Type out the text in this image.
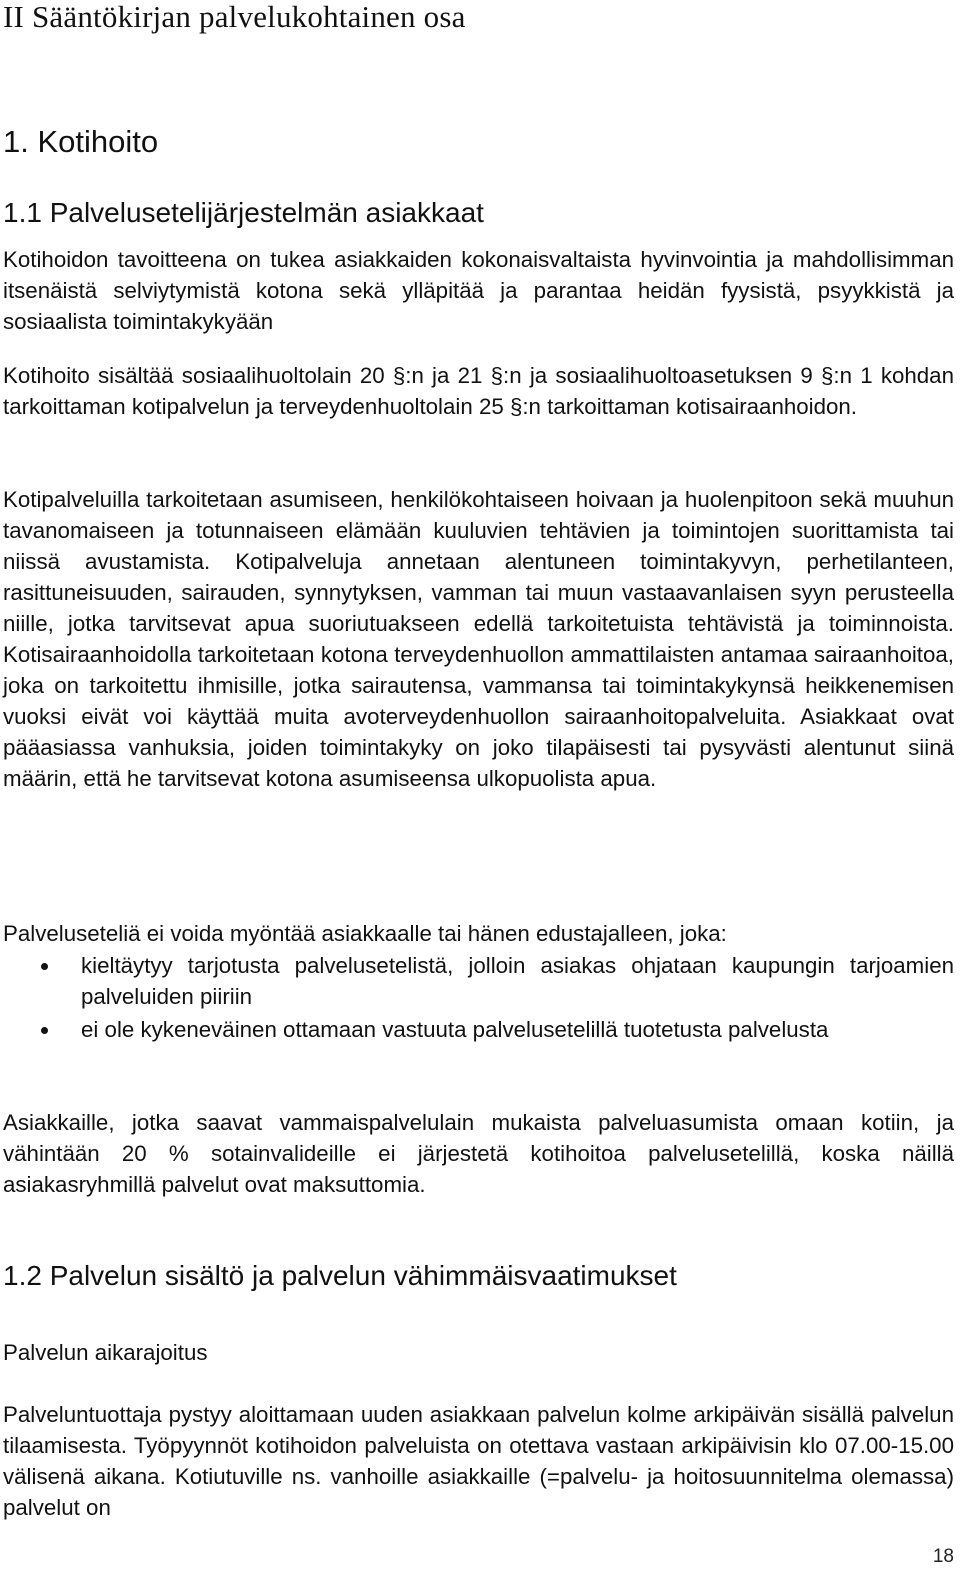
II Sääntökirjan palvelukohtainen osa
1. Kotihoito
1.1 Palvelusetelijärjestelmän asiakkaat

Kotihoidon tavoitteena on tukea asiakkaiden kokonaisvaltaista hyvinvointia ja mahdollisimman itsenäistä selviytymistä kotona sekä ylläpitää ja parantaa heidän fyysistä, psyykkistä ja sosiaalista toimintakykyään

Kotihoito sisältää sosiaalihuoltolain 20 §:n ja 21 §:n ja sosiaalihuoltoasetuksen 9 §:n 1 kohdan tarkoittaman kotipalvelun ja terveydenhuoltolain 25 §:n tarkoittaman kotisairaanhoidon.

Kotipalveluilla tarkoitetaan asumiseen, henkilökohtaiseen hoivaan ja huolenpitoon sekä muuhun tavanomaiseen ja totunnaiseen elämään kuuluvien tehtävien ja toimintojen suorittamista tai niissä avustamista. Kotipalveluja annetaan alentuneen toimintakyvyn, perhetilanteen, rasittuneisuuden, sairauden, synnytyksen, vamman tai muun vastaavanlaisen syyn perusteella niille, jotka tarvitsevat apua suoriutuakseen edellä tarkoitetuista tehtävistä ja toiminnoista. Kotisairaanhoidolla tarkoitetaan kotona terveydenhuollon ammattilaisten antamaa sairaanhoitoa, joka on tarkoitettu ihmisille, jotka sairautensa, vammansa tai toimintakykynsä heikkenemisen vuoksi eivät voi käyttää muita avoterveydenhuollon sairaanhoitopalveluita. Asiakkaat ovat pääasiassa vanhuksia, joiden toimintakyky on joko tilapäisesti tai pysyvästi alentunut siinä määrin, että he tarvitsevat kotona asumiseensa ulkopuolista apua.

Palveluseteliä ei voida myöntää asiakkaalle tai hänen edustajalleen, joka:

kieltäytyy tarjotusta palvelusetelistä, jolloin asiakas ohjataan kaupungin tarjoamien palveluiden piiriin
ei ole kykeneväinen ottamaan vastuuta palvelusetelillä tuotetusta palvelusta

Asiakkaille, jotka saavat vammaispalvelulain mukaista palveluasumista omaan kotiin, ja vähintään 20 % sotainvalideille ei järjestetä kotihoitoa palvelusetelillä, koska näillä asiakasryhmillä palvelut ovat maksuttomia.

1.2 Palvelun sisältö ja palvelun vähimmäisvaatimukset

Palvelun aikarajoitus

Palveluntuottaja pystyy aloittamaan uuden asiakkaan palvelun kolme arkipäivän sisällä palvelun tilaamisesta. Työpyynnöt kotihoidon palveluista on otettava vastaan arkipäivisin klo 07.00-15.00 välisenä aikana. Kotiutuville ns. vanhoille asiakkaille (=palvelu- ja hoitosuunnitelma olemassa) palvelut on

18
